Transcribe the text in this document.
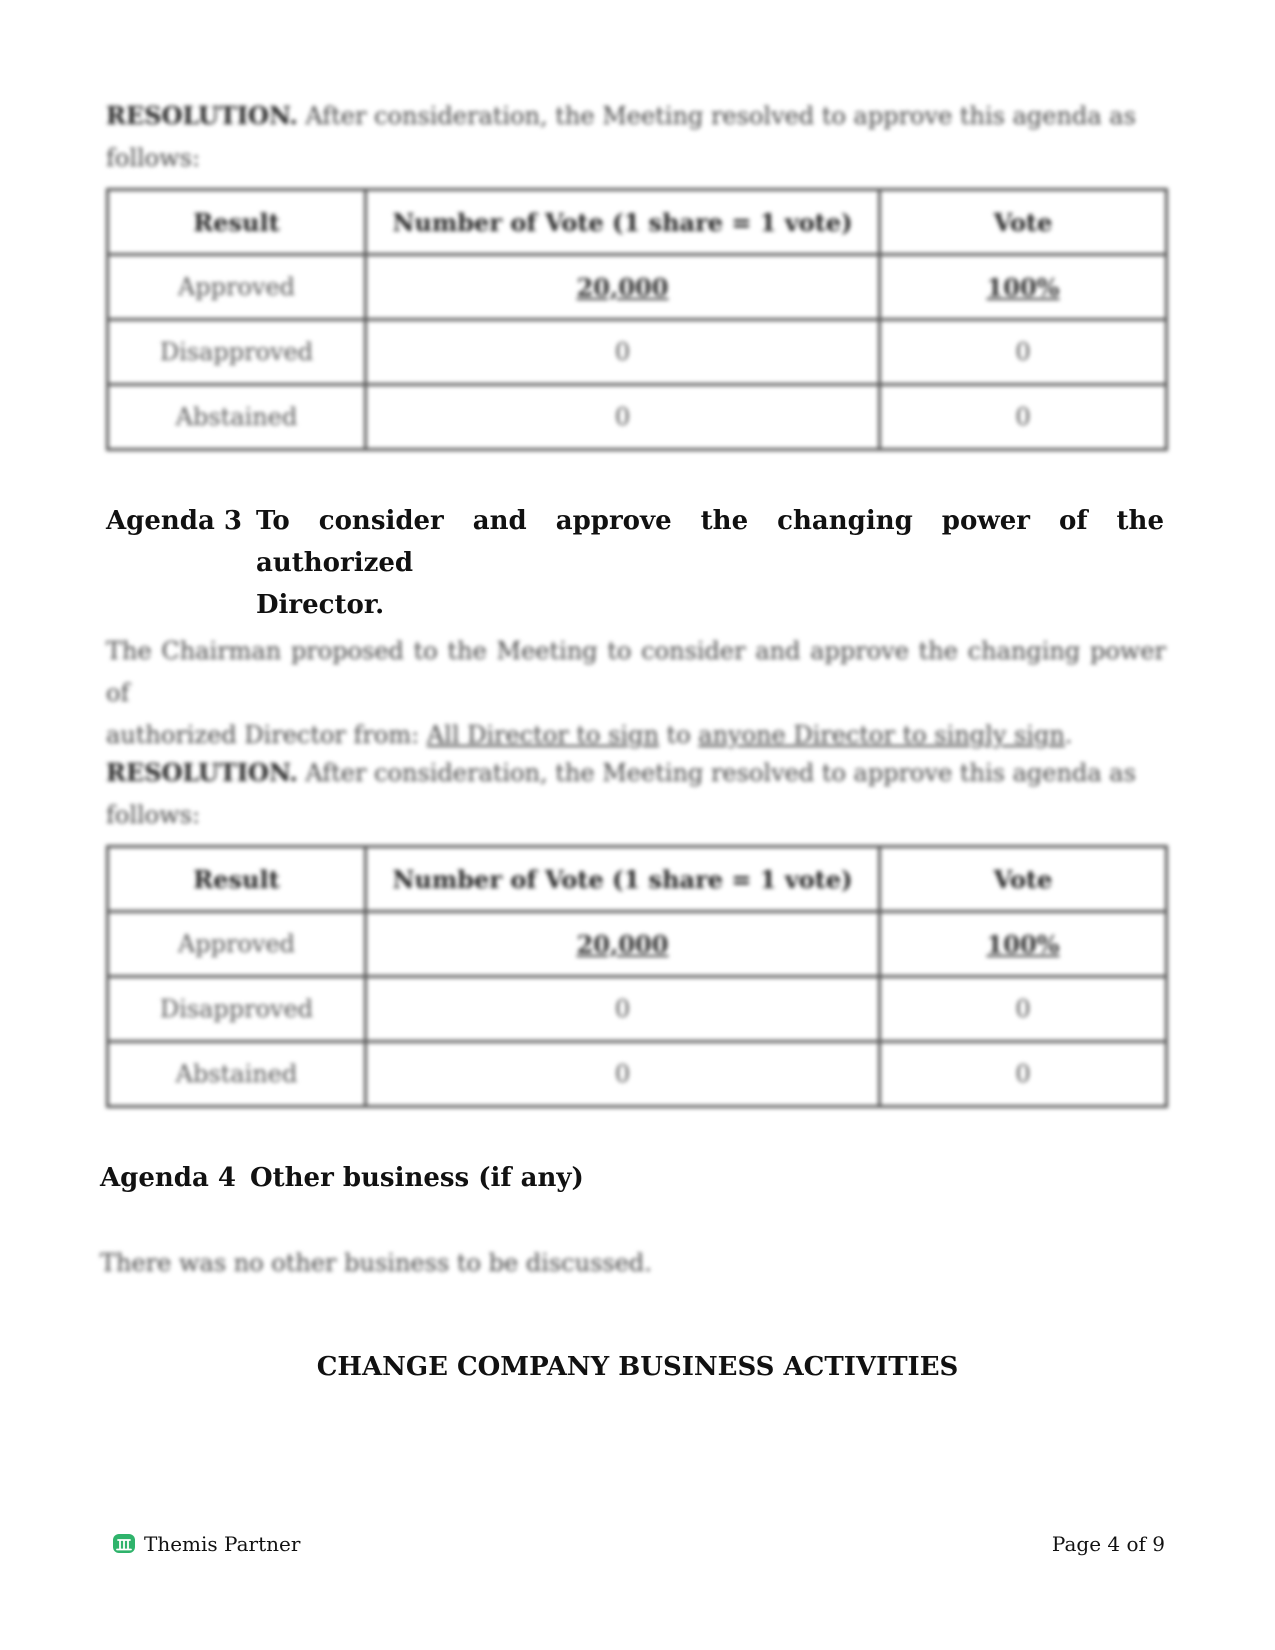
RESOLUTION. After consideration, the Meeting resolved to approve this agenda as follows:
Result	Number of Vote (1 share = 1 vote)	Vote
Approved	20,000	100%
Disapproved	0	0
Abstained	0	0
Agenda 3 To consider and approve the changing power of the authorized
Director.
The Chairman proposed to the Meeting to consider and approve the changing power of
authorized Director from: All Director to sign to anyone Director to singly sign.
RESOLUTION. After consideration, the Meeting resolved to approve this agenda as follows:
Result	Number of Vote (1 share = 1 vote)	Vote
Approved	20,000	100%
Disapproved	0	0
Abstained	0	0
Agenda 4 Other business (if any)
There was no other business to be discussed.
CHANGE COMPANY BUSINESS ACTIVITIES
Themis Partner	Page 4 of 9
